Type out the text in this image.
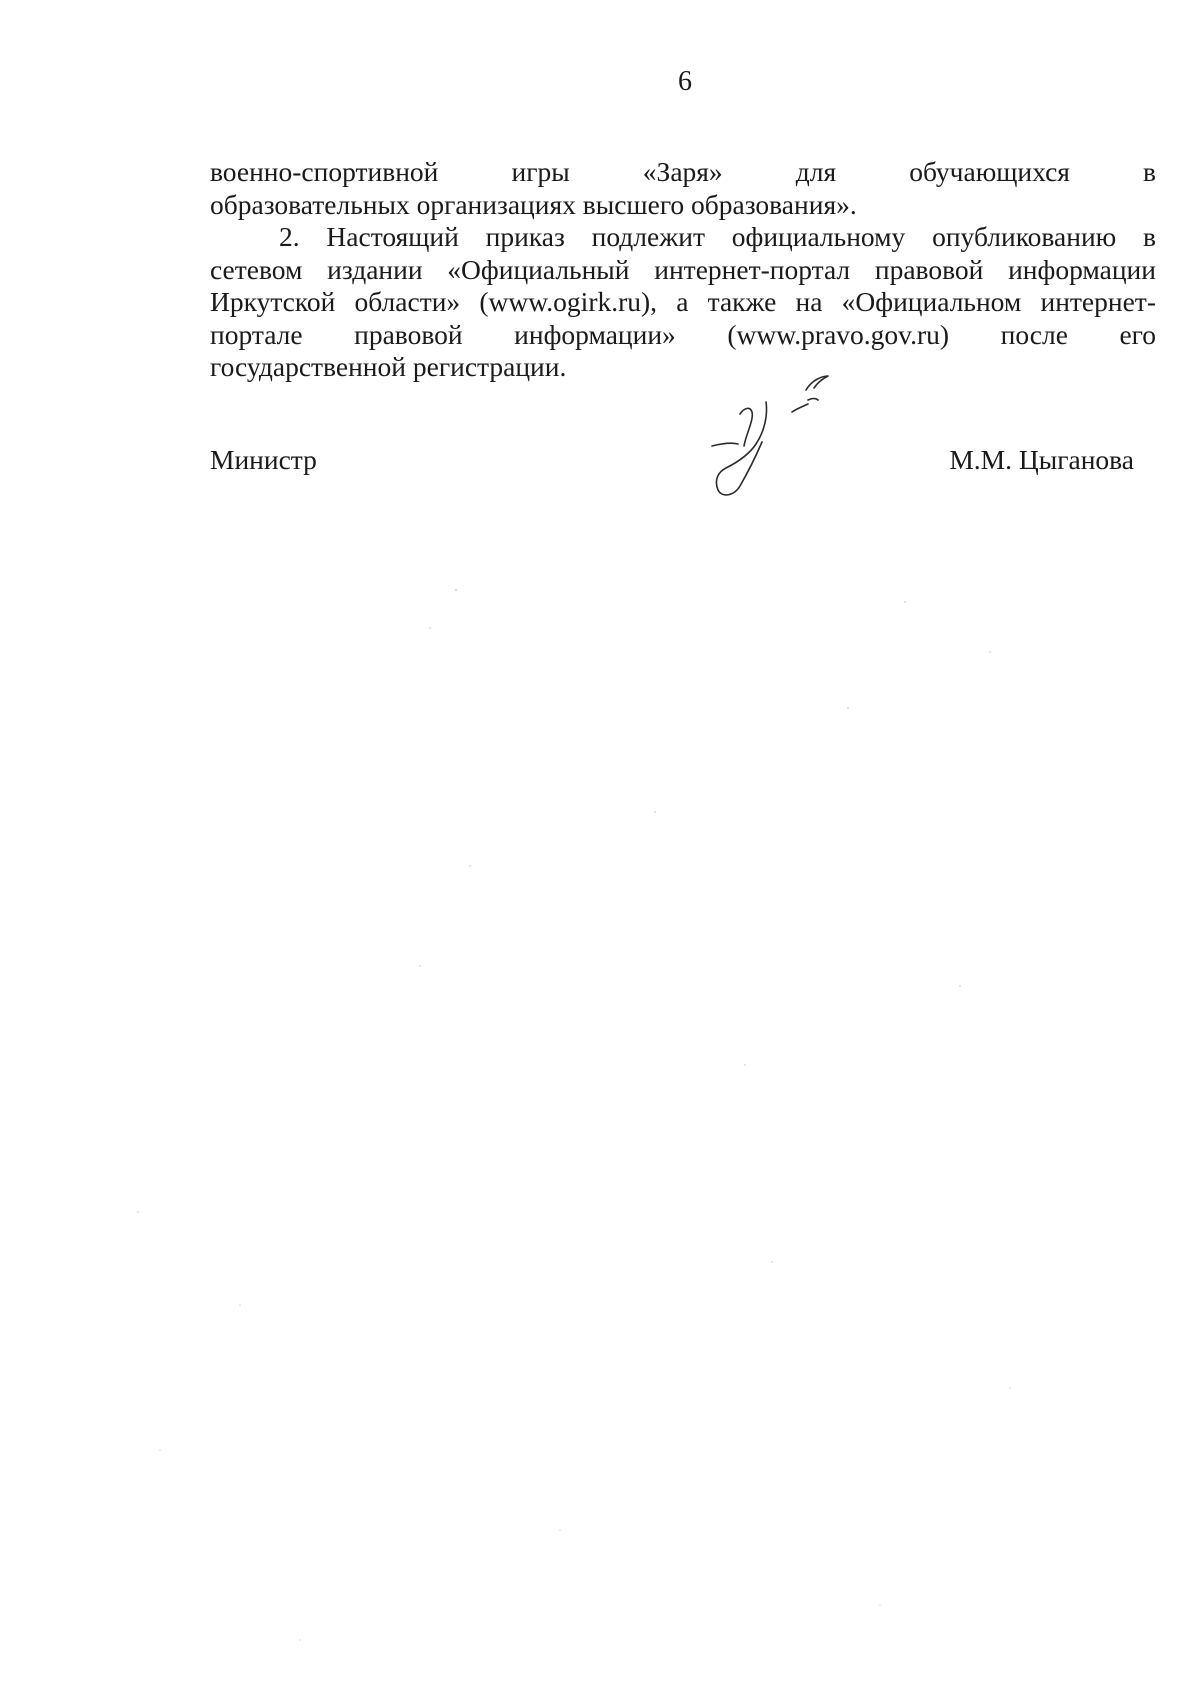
6
военно-спортивной	игры	«Заря»	для	обучающихся	в
образовательных организациях высшего образования».
2. Настоящий приказ подлежит официальному опубликованию в
сетевом издании «Официальный интернет-портал правовой информации
Иркутской области» (www.ogirk.ru), а также на «Официальном интернет-
портале правовой информации» (www.pravo.gov.ru) после его
государственной регистрации.
Министр	М.М. Цыганова
